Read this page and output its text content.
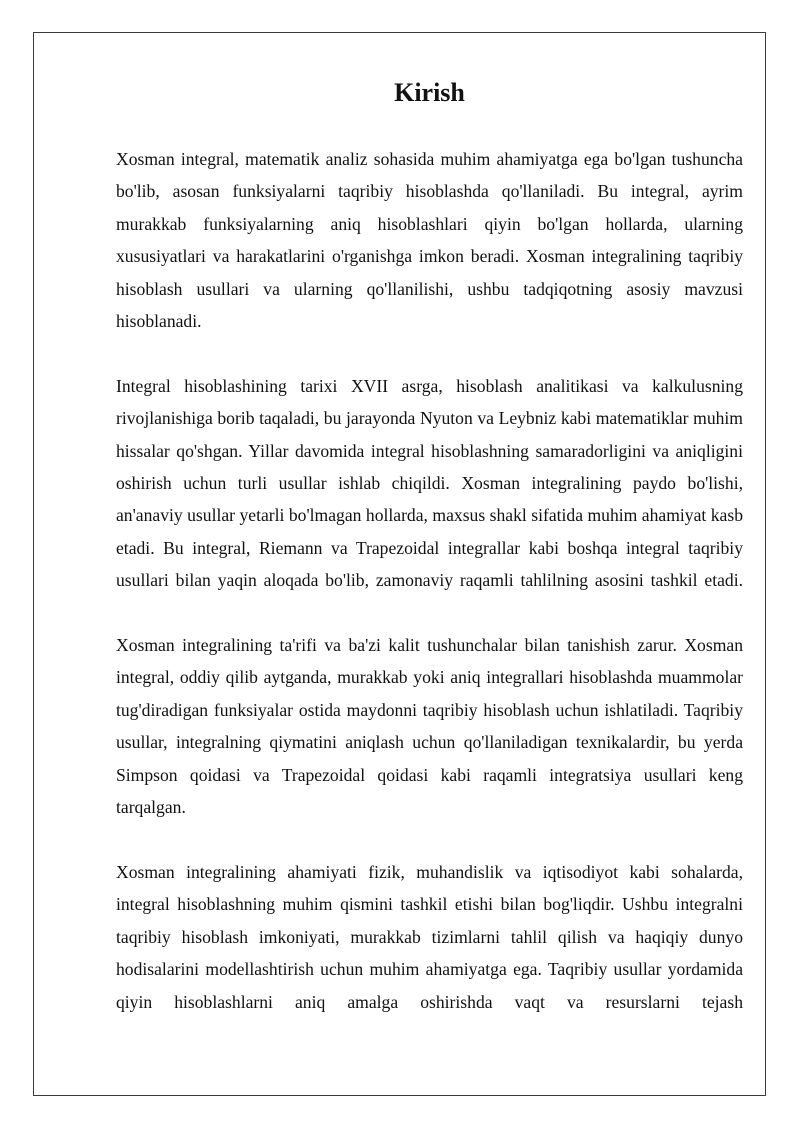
Kirish

Xosman integral, matematik analiz sohasida muhim ahamiyatga ega bo'lgan tushuncha bo'lib, asosan funksiyalarni taqribiy hisoblashda qo'llaniladi. Bu integral, ayrim murakkab funksiyalarning aniq hisoblashlari qiyin bo'lgan hollarda, ularning xususiyatlari va harakatlarini o'rganishga imkon beradi. Xosman integralining taqribiy hisoblash usullari va ularning qo'llanilishi, ushbu tadqiqotning asosiy mavzusi hisoblanadi.

Integral hisoblashining tarixi XVII asrga, hisoblash analitikasi va kalkulusning rivojlanishiga borib taqaladi, bu jarayonda Nyuton va Leybniz kabi matematiklar muhim hissalar qo'shgan. Yillar davomida integral hisoblashning samaradorligini va aniqligini oshirish uchun turli usullar ishlab chiqildi. Xosman integralining paydo bo'lishi, an'anaviy usullar yetarli bo'lmagan hollarda, maxsus shakl sifatida muhim ahamiyat kasb etadi. Bu integral, Riemann va Trapezoidal integrallar kabi boshqa integral taqribiy usullari bilan yaqin aloqada bo'lib, zamonaviy raqamli tahlilning asosini tashkil etadi.

Xosman integralining ta'rifi va ba'zi kalit tushunchalar bilan tanishish zarur. Xosman integral, oddiy qilib aytganda, murakkab yoki aniq integrallari hisoblashda muammolar tug'diradigan funksiyalar ostida maydonni taqribiy hisoblash uchun ishlatiladi. Taqribiy usullar, integralning qiymatini aniqlash uchun qo'llaniladigan texnikalardir, bu yerda Simpson qoidasi va Trapezoidal qoidasi kabi raqamli integratsiya usullari keng tarqalgan.

Xosman integralining ahamiyati fizik, muhandislik va iqtisodiyot kabi sohalarda, integral hisoblashning muhim qismini tashkil etishi bilan bog'liqdir. Ushbu integralni taqribiy hisoblash imkoniyati, murakkab tizimlarni tahlil qilish va haqiqiy dunyo hodisalarini modellashtirish uchun muhim ahamiyatga ega. Taqribiy usullar yordamida qiyin hisoblashlarni aniq amalga oshirishda vaqt va resurslarni tejash
